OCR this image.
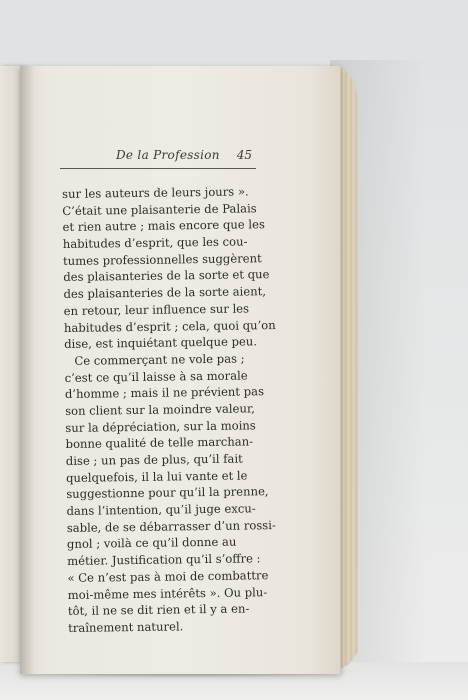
De la Profession 45
sur les auteurs de leurs jours ».
C’était une plaisanterie de Palais
et rien autre ; mais encore que les
habitudes d’esprit, que les cou-
tumes professionnelles suggèrent
des plaisanteries de la sorte et que
des plaisanteries de la sorte aient,
en retour, leur influence sur les
habitudes d’esprit ; cela, quoi qu’on
dise, est inquiétant quelque peu.
Ce commerçant ne vole pas ;
c’est ce qu’il laisse à sa morale
d’homme ; mais il ne prévient pas
son client sur la moindre valeur,
sur la dépréciation, sur la moins
bonne qualité de telle marchan-
dise ; un pas de plus, qu’il fait
quelquefois, il la lui vante et le
suggestionne pour qu’il la prenne,
dans l’intention, qu’il juge excu-
sable, de se débarrasser d’un rossi-
gnol ; voilà ce qu’il donne au
métier. Justification qu’il s’offre :
« Ce n’est pas à moi de combattre
moi-même mes intérêts ». Ou plu-
tôt, il ne se dit rien et il y a en-
traînement naturel.
